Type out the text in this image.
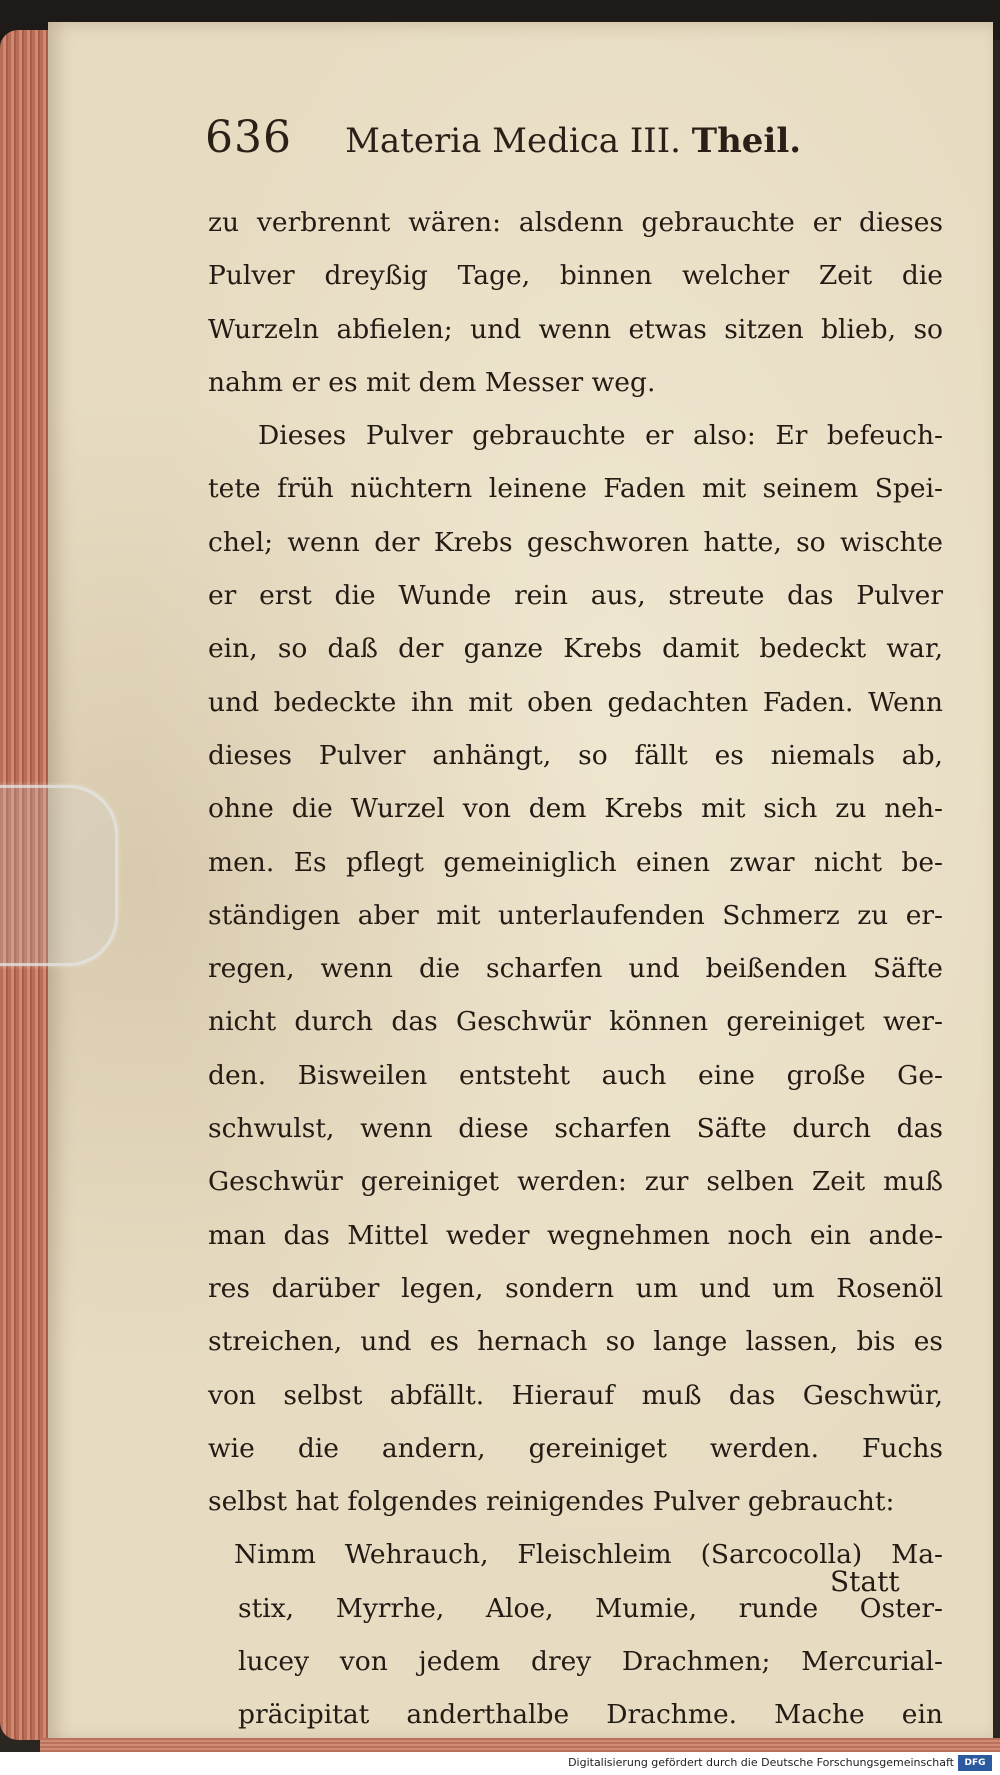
636 Materia Medica III. Theil.
zu verbrennt wären: alsdenn gebrauchte er dieses
Pulver dreyßig Tage, binnen welcher Zeit die
Wurzeln abfielen; und wenn etwas sitzen blieb, so
nahm er es mit dem Messer weg.
Dieses Pulver gebrauchte er also: Er befeuch-
tete früh nüchtern leinene Faden mit seinem Spei-
chel; wenn der Krebs geschworen hatte, so wischte
er erst die Wunde rein aus, streute das Pulver
ein, so daß der ganze Krebs damit bedeckt war,
und bedeckte ihn mit oben gedachten Faden. Wenn
dieses Pulver anhängt, so fällt es niemals ab,
ohne die Wurzel von dem Krebs mit sich zu neh-
men. Es pflegt gemeiniglich einen zwar nicht be-
ständigen aber mit unterlaufenden Schmerz zu er-
regen, wenn die scharfen und beißenden Säfte
nicht durch das Geschwür können gereiniget wer-
den. Bisweilen entsteht auch eine große Ge-
schwulst, wenn diese scharfen Säfte durch das
Geschwür gereiniget werden: zur selben Zeit muß
man das Mittel weder wegnehmen noch ein ande-
res darüber legen, sondern um und um Rosenöl
streichen, und es hernach so lange lassen, bis es
von selbst abfällt. Hierauf muß das Geschwür,
wie die andern, gereiniget werden. Fuchs
selbst hat folgendes reinigendes Pulver gebraucht:
Nimm Wehrauch, Fleischleim (Sarcocolla) Ma-
stix, Myrrhe, Aloe, Mumie, runde Oster-
lucey von jedem drey Drachmen; Mercurial-
präcipitat anderthalbe Drachme. Mache ein
Statt
Digitalisierung gefördert durch die Deutsche Forschungsgemeinschaft	DFG
